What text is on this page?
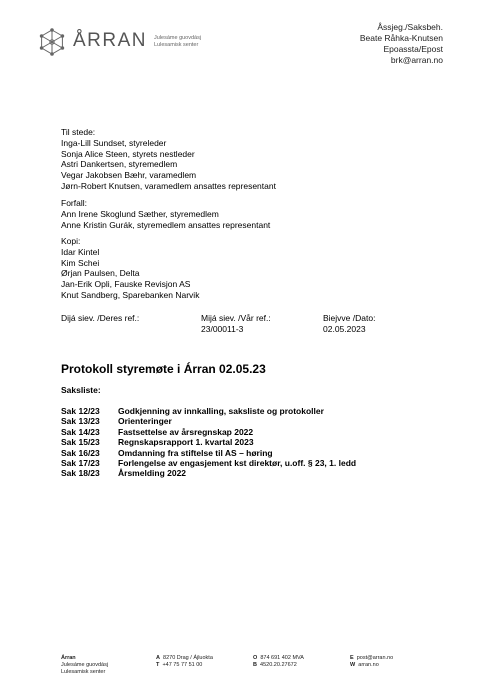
ÅRRAN Julesáme guovdásj
Lulesamisk senter
Åssjeg./Saksbeh.
Beate Råhka-Knutsen
Epoassta/Epost
brk@arran.no
Til stede:
Inga-Lill Sundset, styreleder
Sonja Alice Steen, styrets nestleder
Astri Dankertsen, styremedlem
Vegar Jakobsen Bæhr, varamedlem
Jørn-Robert Knutsen, varamedlem ansattes representant
Forfall:
Ann Irene Skoglund Sæther, styremedlem
Anne Kristin Gurák, styremedlem ansattes representant
Kopi:
Idar Kintel
Kim Schei
Ørjan Paulsen, Delta
Jan-Erik Opli, Fauske Revisjon AS
Knut Sandberg, Sparebanken Narvik
Dijá siev. /Deres ref.:	Mijá siev. /Vår ref.:
23/00011-3
Biejvve /Dato:
02.05.2023
Protokoll styremøte i Árran 02.05.23
Saksliste:
Sak 12/23 Godkjenning av innkalling, saksliste og protokoller
Sak 13/23 Orienteringer
Sak 14/23 Fastsettelse av årsregnskap 2022
Sak 15/23 Regnskapsrapport 1. kvartal 2023
Sak 16/23 Omdanning fra stiftelse til AS – høring
Sak 17/23 Forlengelse av engasjement kst direktør, u.off. § 23, 1. ledd
Sak 18/23 Årsmelding 2022
Árran
Julesáme guovdásj
Lulesamisk senter
A 8270 Drag / Ájluokta
T +47 75 77 51 00
O 874 691 402 MVA
B 4520.20.27672
E post@arran.no
W arran.no
